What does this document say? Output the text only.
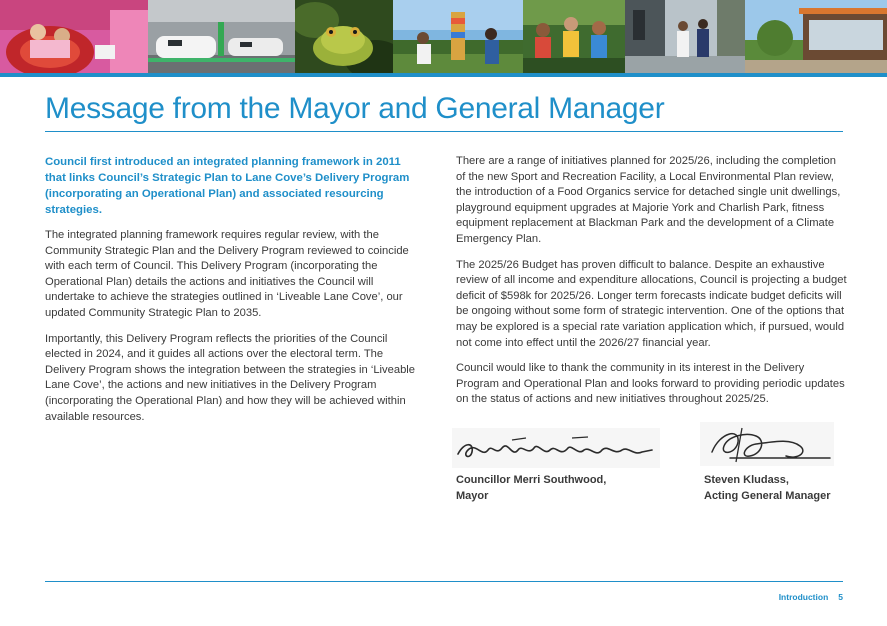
Message from the Mayor and General Manager

Council first introduced an integrated planning framework in 2011 that links Council’s Strategic Plan to Lane Cove’s Delivery Program (incorporating an Operational Plan) and associated resourcing strategies.

The integrated planning framework requires regular review, with the Community Strategic Plan and the Delivery Program reviewed to coincide with each term of Council. This Delivery Program (incorporating the Operational Plan) details the actions and initiatives the Council will undertake to achieve the strategies outlined in ‘Liveable Lane Cove’, our updated Community Strategic Plan to 2035.

Importantly, this Delivery Program reflects the priorities of the Council elected in 2024, and it guides all actions over the electoral term. The Delivery Program shows the integration between the strategies in ‘Liveable Lane Cove’, the actions and new initiatives in the Delivery Program (incorporating the Operational Plan) and how they will be achieved within available resources.

There are a range of initiatives planned for 2025/26, including the completion of the new Sport and Recreation Facility, a Local Environmental Plan review, the introduction of a Food Organics service for detached single unit dwellings, playground equipment upgrades at Majorie York and Charlish Park, fitness equipment replacement at Blackman Park and the development of a Climate Emergency Plan.

The 2025/26 Budget has proven difficult to balance. Despite an exhaustive review of all income and expenditure allocations, Council is projecting a budget deficit of $598k for 2025/26. Longer term forecasts indicate budget deficits will be ongoing without some form of strategic intervention. One of the options that may be explored is a special rate variation application which, if pursued, would not come into effect until the 2026/27 financial year.

Council would like to thank the community in its interest in the Delivery Program and Operational Plan and looks forward to providing periodic updates on the status of actions and new initiatives throughout 2025/25.

Councillor Merri Southwood,
Mayor
Steven Kludass,
Acting General Manager
Introduction 5
